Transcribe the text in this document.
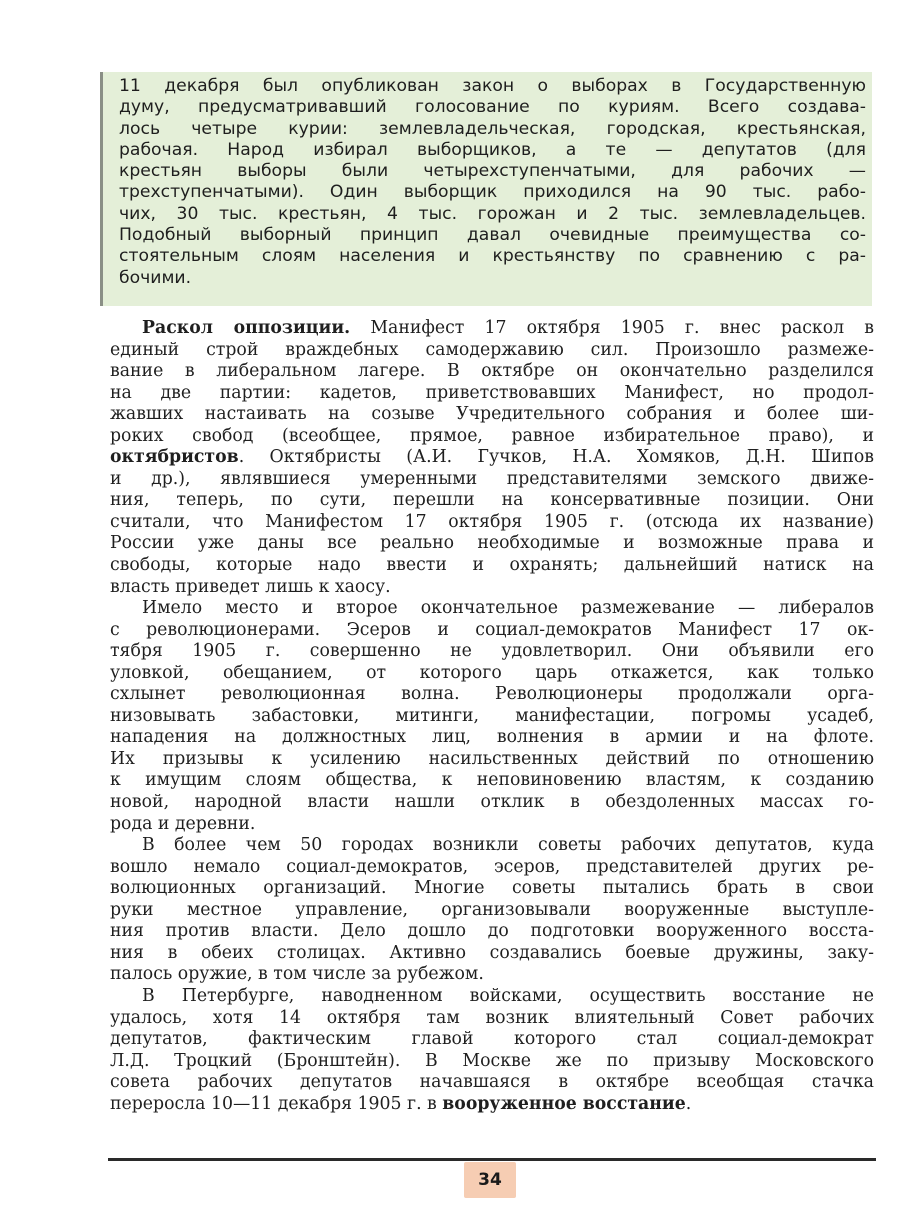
11 декабря был опубликован закон о выборах в Государственную
думу, предусматривавший голосование по куриям. Всего создава-
лось четыре курии: землевладельческая, городская, крестьянская,
рабочая. Народ избирал выборщиков, а те — депутатов (для
крестьян выборы были четырехступенчатыми, для рабочих —
трехступенчатыми). Один выборщик приходился на 90 тыс. рабо-
чих, 30 тыс. крестьян, 4 тыс. горожан и 2 тыс. землевладельцев.
Подобный выборный принцип давал очевидные преимущества со-
стоятельным слоям населения и крестьянству по сравнению с ра-
бочими.
Раскол оппозиции. Манифест 17 октября 1905 г. внес раскол в
единый строй враждебных самодержавию сил. Произошло размеже-
вание в либеральном лагере. В октябре он окончательно разделился
на две партии: кадетов, приветствовавших Манифест, но продол-
жавших настаивать на созыве Учредительного собрания и более ши-
роких свобод (всеобщее, прямое, равное избирательное право), и
октябристов. Октябристы (А.И. Гучков, Н.А. Хомяков, Д.Н. Шипов
и др.), являвшиеся умеренными представителями земского движе-
ния, теперь, по сути, перешли на консервативные позиции. Они
считали, что Манифестом 17 октября 1905 г. (отсюда их название)
России уже даны все реально необходимые и возможные права и
свободы, которые надо ввести и охранять; дальнейший натиск на
власть приведет лишь к хаосу.
Имело место и второе окончательное размежевание — либералов
с революционерами. Эсеров и социал-демократов Манифест 17 ок-
тября 1905 г. совершенно не удовлетворил. Они объявили его
уловкой, обещанием, от которого царь откажется, как только
схлынет революционная волна. Революционеры продолжали орга-
низовывать забастовки, митинги, манифестации, погромы усадеб,
нападения на должностных лиц, волнения в армии и на флоте.
Их призывы к усилению насильственных действий по отношению
к имущим слоям общества, к неповиновению властям, к созданию
новой, народной власти нашли отклик в обездоленных массах го-
рода и деревни.
В более чем 50 городах возникли советы рабочих депутатов, куда
вошло немало социал-демократов, эсеров, представителей других ре-
волюционных организаций. Многие советы пытались брать в свои
руки местное управление, организовывали вооруженные выступле-
ния против власти. Дело дошло до подготовки вооруженного восста-
ния в обеих столицах. Активно создавались боевые дружины, заку-
палось оружие, в том числе за рубежом.
В Петербурге, наводненном войсками, осуществить восстание не
удалось, хотя 14 октября там возник влиятельный Совет рабочих
депутатов, фактическим главой которого стал социал-демократ
Л.Д. Троцкий (Бронштейн). В Москве же по призыву Московского
совета рабочих депутатов начавшаяся в октябре всеобщая стачка
переросла 10—11 декабря 1905 г. в вооруженное восстание.
34
